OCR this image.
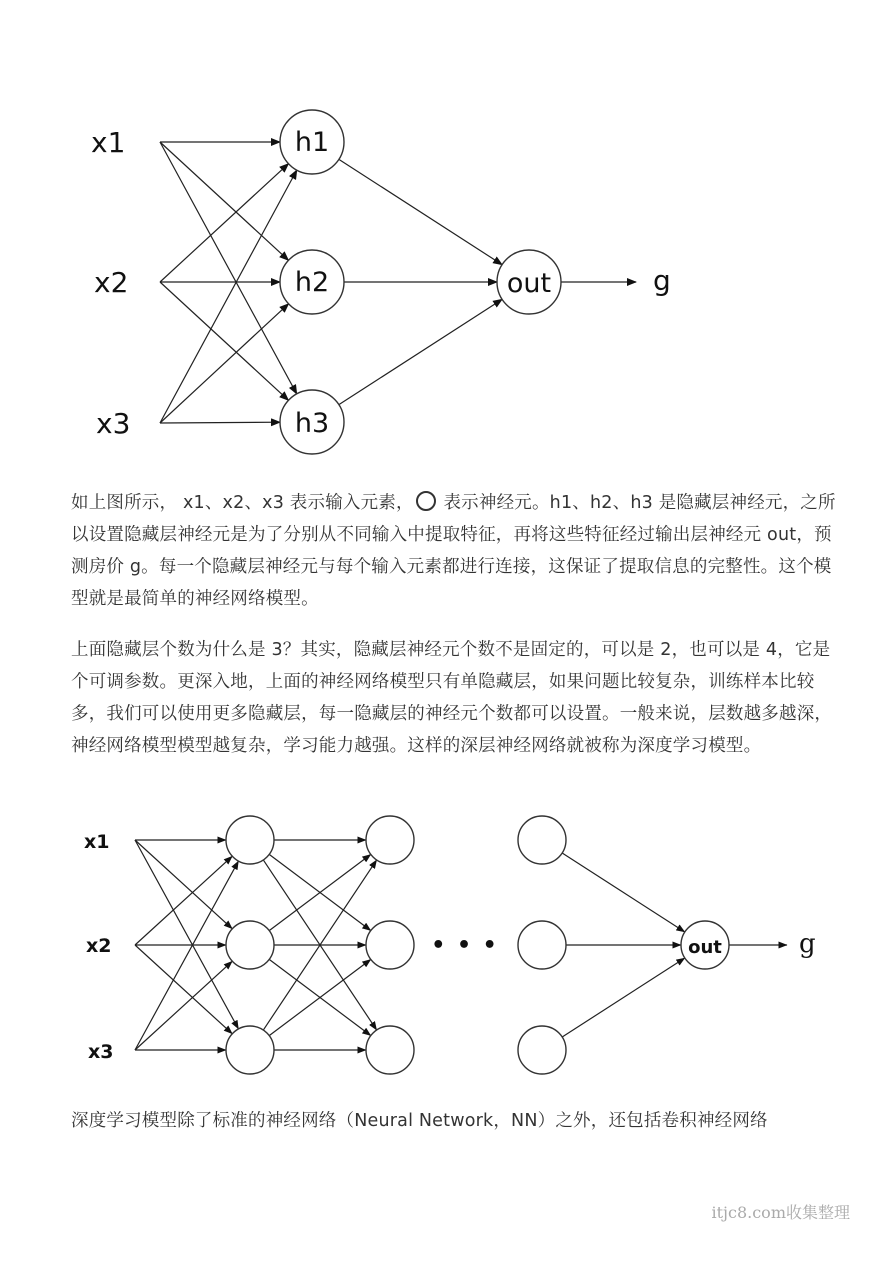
x1
x2
x3
h1
h2
h3
out	g
如上图所示， x1、x2、x3 表示输入元素， 表示神经元。h1、h2、h3 是隐藏层神经元，之所以设置隐藏层神经元是为了分别从不同输入中提取特征，再将这些特征经过输出层神经元 out，预测房价 g。每一个隐藏层神经元与每个输入元素都进行连接，这保证了提取信息的完整性。这个模型就是最简单的神经网络模型。
上面隐藏层个数为什么是 3？其实，隐藏层神经元个数不是固定的，可以是 2，也可以是 4，它是个可调参数。更深入地，上面的神经网络模型只有单隐藏层，如果问题比较复杂，训练样本比较多，我们可以使用更多隐藏层，每一隐藏层的神经元个数都可以设置。一般来说，层数越多越深，神经网络模型模型越复杂，学习能力越强。这样的深层神经网络就被称为深度学习模型。
x1
x2
x3
• • •	out	g
深度学习模型除了标准的神经网络（Neural Network，NN）之外，还包括卷积神经网络
itjc8.com收集整理
